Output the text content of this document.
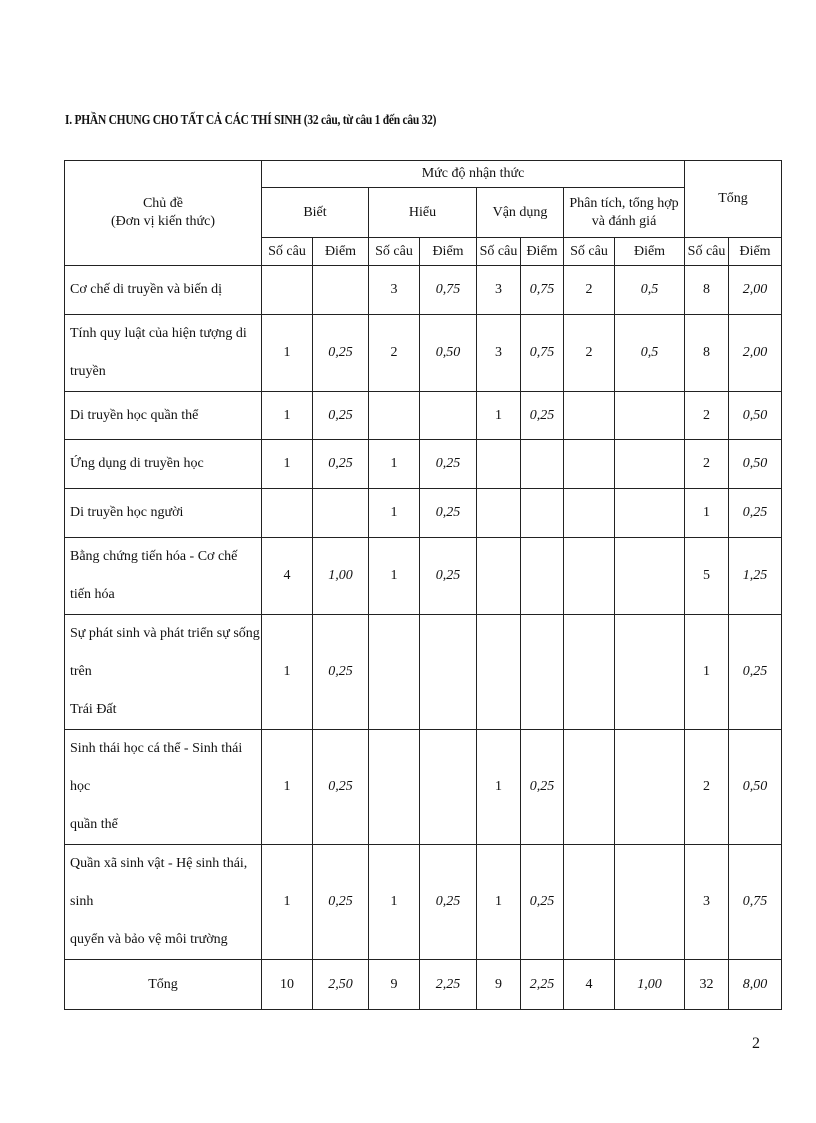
I. PHẦN CHUNG CHO TẤT CẢ CÁC THÍ SINH (32 câu, từ câu 1 đến câu 32)
Chủ đề
(Đơn vị kiến thức)	Mức độ nhận thức								Tổng	
	Biết		Hiểu		Vận dụng		Phân tích, tổng hợp
và đánh giá			

	Số câu	Điểm	Số câu	Điểm	Số câu	Điểm	Số câu	Điểm	Số câu	Điểm

Cơ chế di truyền và biến dị			3	0,75	3	0,75	2	0,5	8	2,00

Tính quy luật của hiện tượng di truyền	1	0,25	2	0,50	3	0,75	2	0,5	8	2,00

Di truyền học quần thể	1	0,25			1	0,25			2	0,50

Ứng dụng di truyền học	1	0,25	1	0,25					2	0,50

Di truyền học người			1	0,25					1	0,25

Bằng chứng tiến hóa - Cơ chế tiến hóa	4	1,00	1	0,25					5	1,25

Sự phát sinh và phát triển sự sống trên
Trái Đất	1	0,25							1	0,25

Sinh thái học cá thể - Sinh thái học
quần thể	1	0,25			1	0,25			2	0,50

Quần xã sinh vật - Hệ sinh thái, sinh
quyển và bảo vệ môi trường	1	0,25	1	0,25	1	0,25			3	0,75
Tổng	10	2,50	9	2,25	9	2,25	4	1,00	32	8,00
2
